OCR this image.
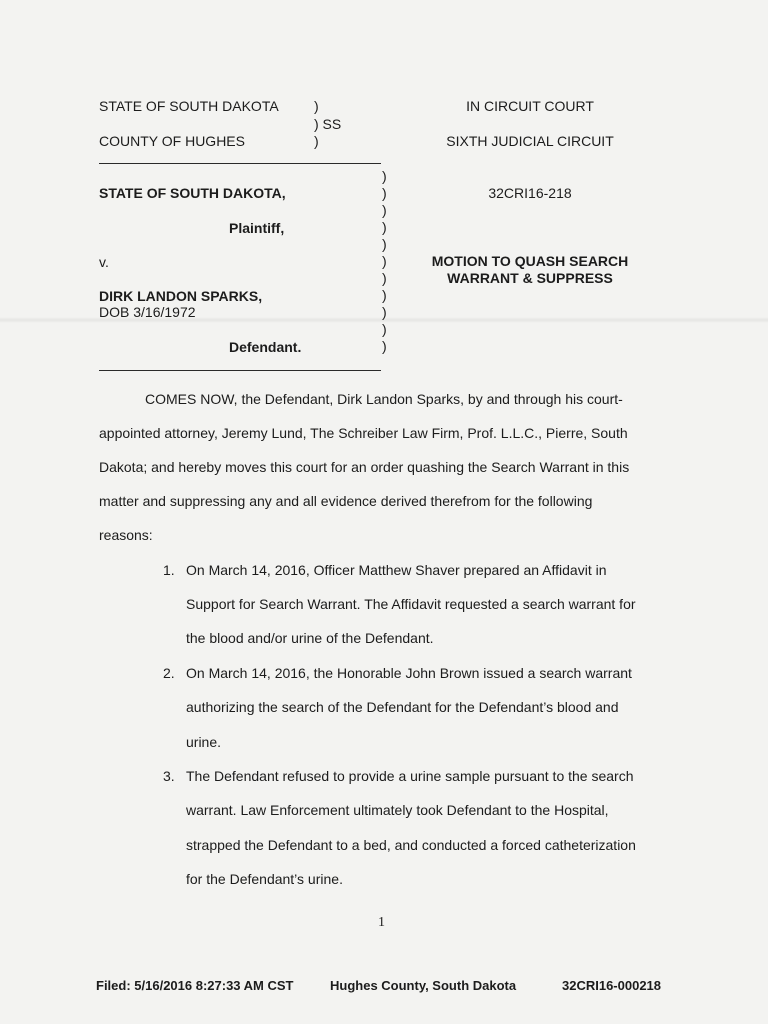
STATE OF SOUTH DAKOTA
COUNTY OF HUGHES
)
) SS
)
IN CIRCUIT COURT
SIXTH JUDICIAL CIRCUIT
STATE OF SOUTH DAKOTA,
Plaintiff,
v.
DIRK LANDON SPARKS,
DOB 3/16/1972
Defendant.
)
)
)
)
)
)
)
)
)
)
)
32CRI16-218
MOTION TO QUASH SEARCH
WARRANT & SUPPRESS
COMES NOW, the Defendant, Dirk Landon Sparks, by and through his court-
appointed attorney, Jeremy Lund, The Schreiber Law Firm, Prof. L.L.C., Pierre, South
Dakota; and hereby moves this court for an order quashing the Search Warrant in this
matter and suppressing any and all evidence derived therefrom for the following
reasons:
1. On March 14, 2016, Officer Matthew Shaver prepared an Affidavit in
Support for Search Warrant. The Affidavit requested a search warrant for
the blood and/or urine of the Defendant.
2. On March 14, 2016, the Honorable John Brown issued a search warrant
authorizing the search of the Defendant for the Defendant’s blood and
urine.
3. The Defendant refused to provide a urine sample pursuant to the search
warrant. Law Enforcement ultimately took Defendant to the Hospital,
strapped the Defendant to a bed, and conducted a forced catheterization
for the Defendant’s urine.
1
Filed: 5/16/2016 8:27:33 AM CST	Hughes County, South Dakota	32CRI16-000218
